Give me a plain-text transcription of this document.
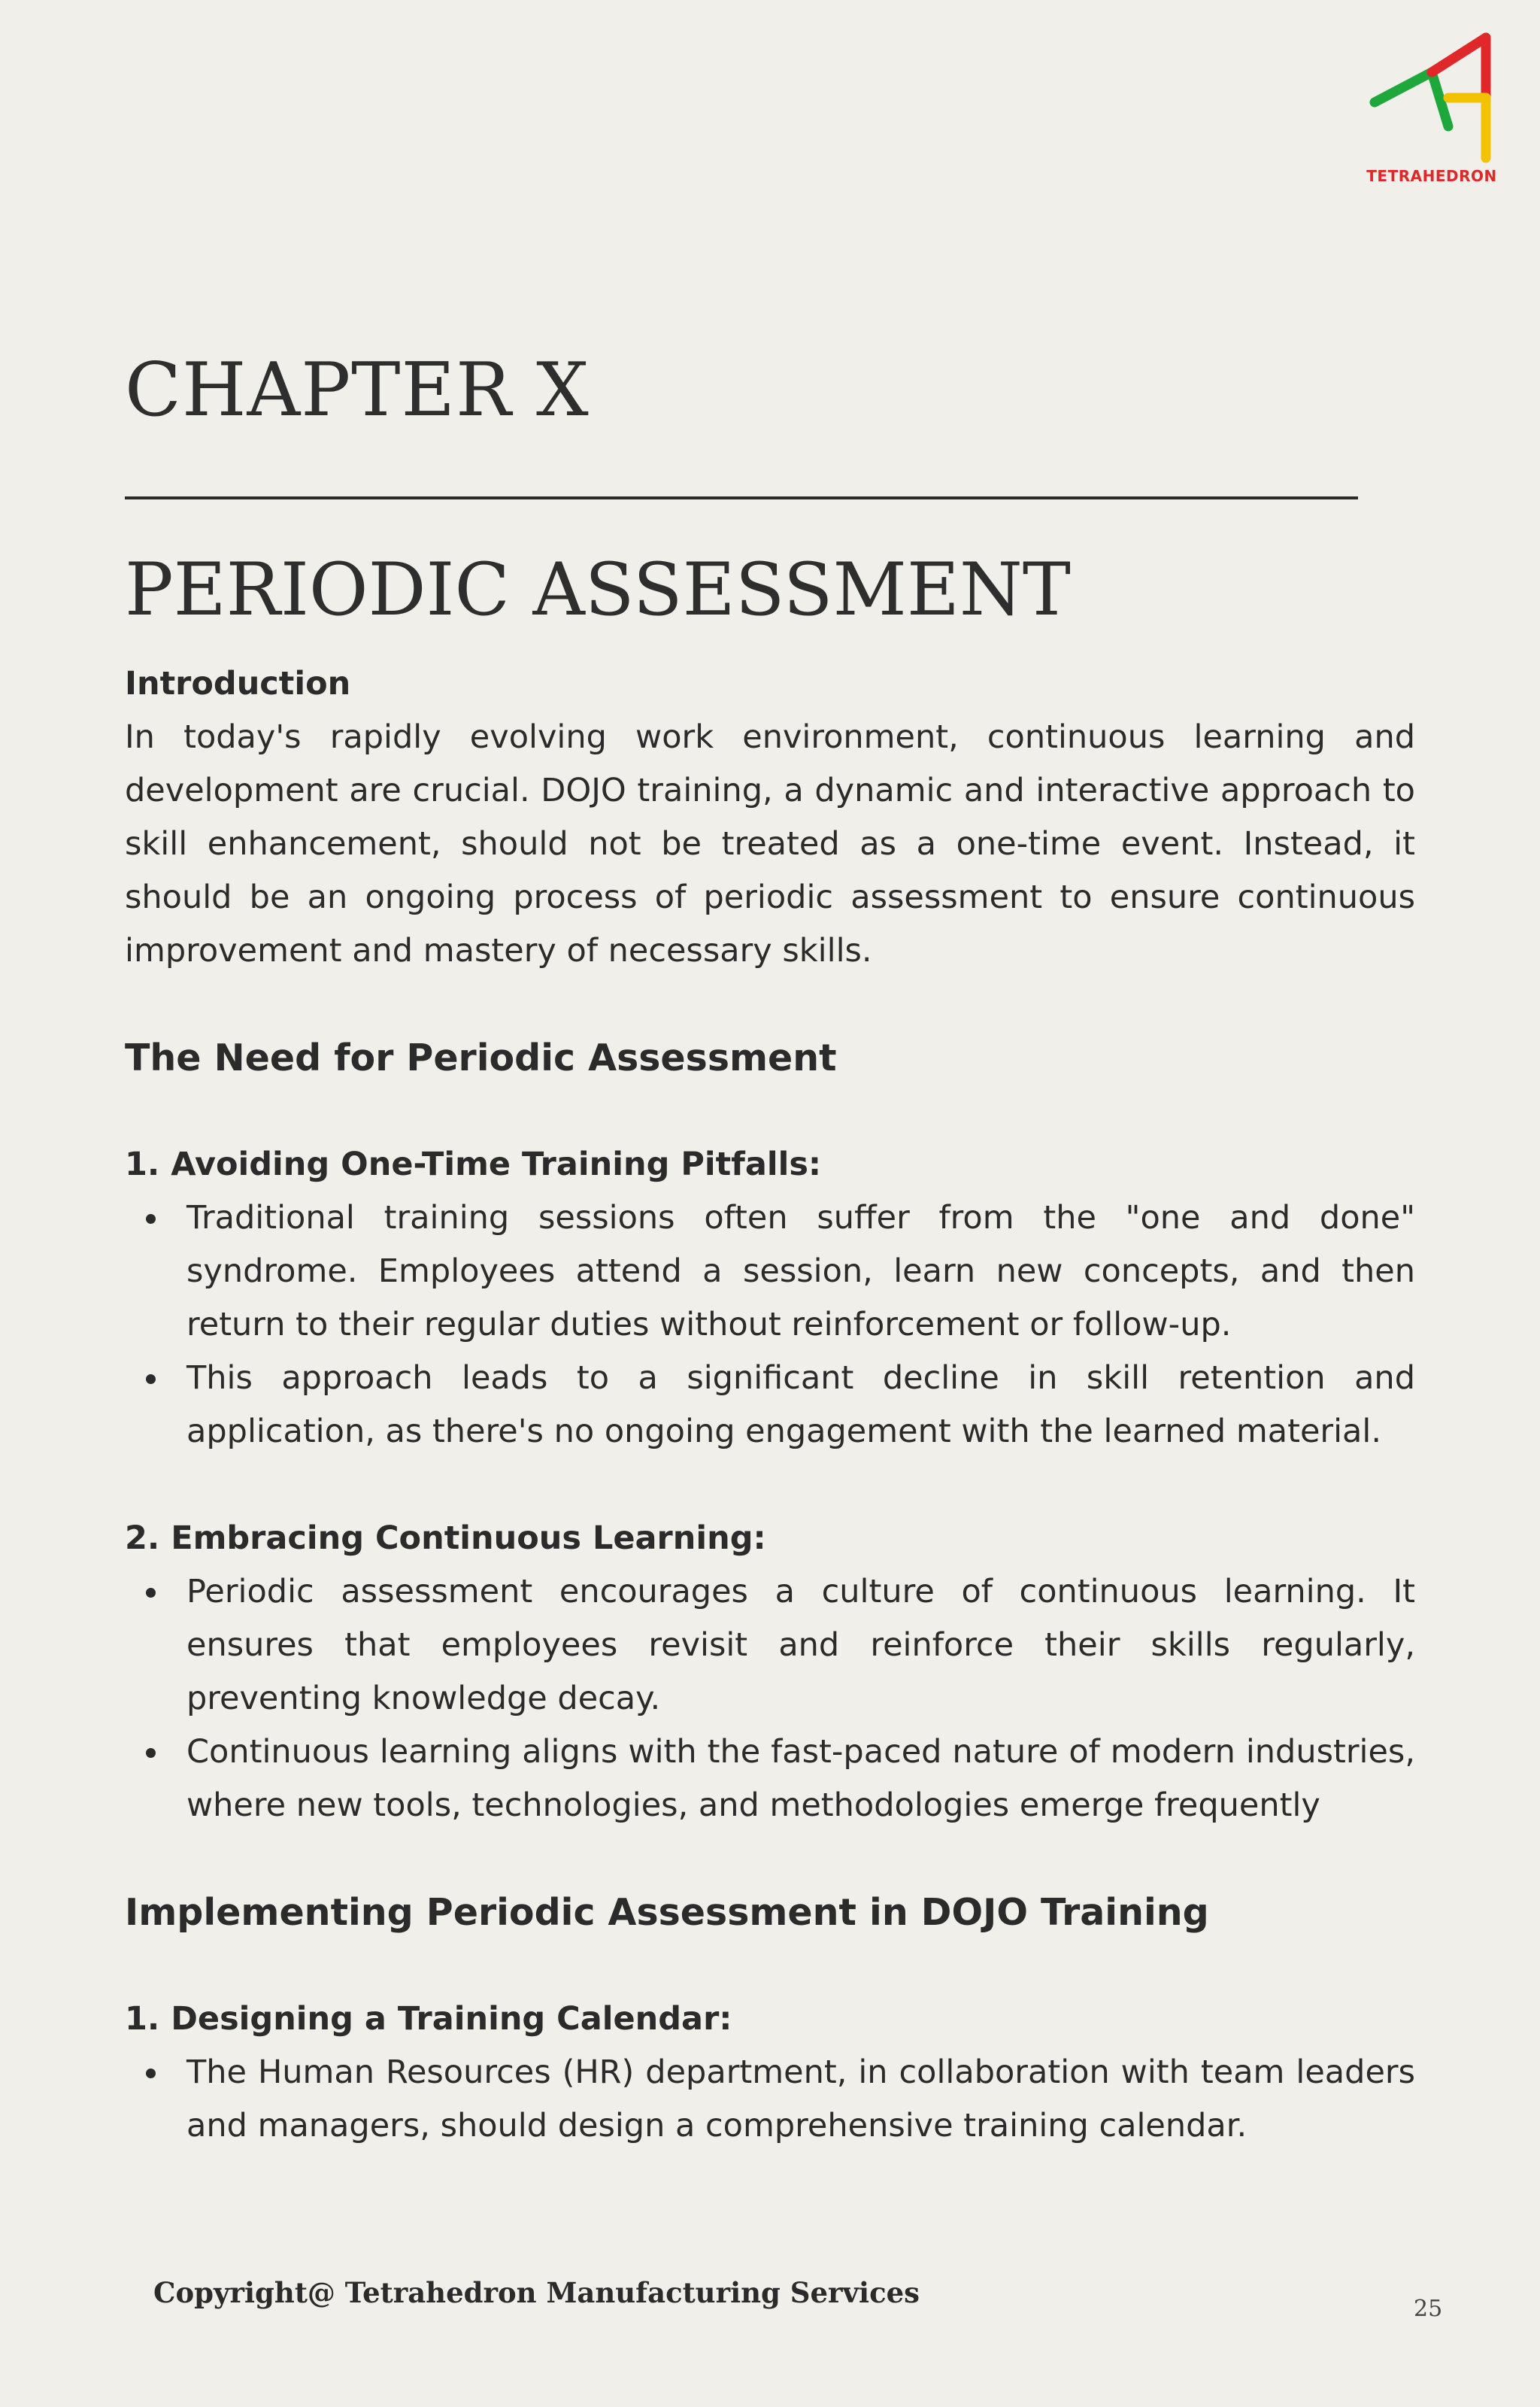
TETRAHEDRON
CHAPTER X
PERIODIC ASSESSMENT
Introduction

In today's rapidly evolving work environment, continuous learning and development are crucial. DOJO training, a dynamic and interactive approach to skill enhancement, should not be treated as a one-time event. Instead, it should be an ongoing process of periodic assessment to ensure continuous improvement and mastery of necessary skills.

The Need for Periodic Assessment
1. Avoiding One-Time Training Pitfalls:
Traditional training sessions often suffer from the "one and done" syndrome. Employees attend a session, learn new concepts, and then return to their regular duties without reinforcement or follow-up.
This approach leads to a significant decline in skill retention and application, as there's no ongoing engagement with the learned material.
2. Embracing Continuous Learning:
Periodic assessment encourages a culture of continuous learning. It ensures that employees revisit and reinforce their skills regularly, preventing knowledge decay.
Continuous learning aligns with the fast-paced nature of modern industries, where new tools, technologies, and methodologies emerge frequently
Implementing Periodic Assessment in DOJO Training
1. Designing a Training Calendar:
The Human Resources (HR) department, in collaboration with team leaders and managers, should design a comprehensive training calendar.
Copyright@ Tetrahedron Manufacturing Services	25
